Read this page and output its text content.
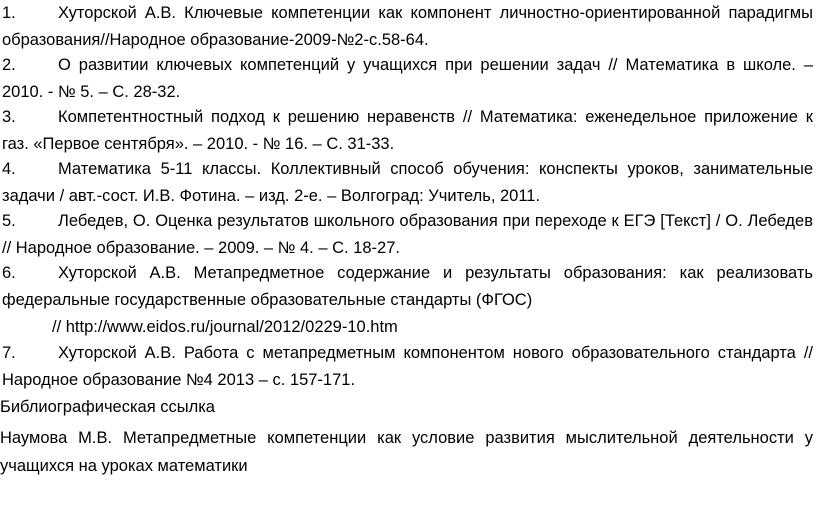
1.	Хуторской А.В. Ключевые компетенции как компонент личностно-ориентированной парадигмы образования//Народное образование-2009-№2-с.58-64.
2.	О развитии ключевых компетенций у учащихся при решении задач // Математика в школе. – 2010. - № 5. – С. 28-32.
3.	Компетентностный подход к решению неравенств // Математика: еженедельное приложение к газ. «Первое сентября». – 2010. - № 16. – С. 31-33.
4.	Математика 5-11 классы. Коллективный способ обучения: конспекты уроков, занимательные задачи / авт.-сост. И.В. Фотина. – изд. 2-е. – Волгоград: Учитель, 2011.
5.	Лебедев, О. Оценка результатов школьного образования при переходе к ЕГЭ [Текст] / О. Лебедев // Народное образование. – 2009. – № 4. – С. 18-27.
6.	Хуторской А.В. Метапредметное содержание и результаты образования: как реализовать федеральные государственные образовательные стандарты (ФГОС)
// http://www.eidos.ru/journal/2012/0229-10.htm
7.	Хуторской А.В. Работа с метапредметным компонентом нового образовательного стандарта // Народное образование №4 2013 – с. 157-171.
Библиографическая ссылка
Наумова М.В. Метапредметные компетенции как условие развития мыслительной деятельности у учащихся на уроках математики
